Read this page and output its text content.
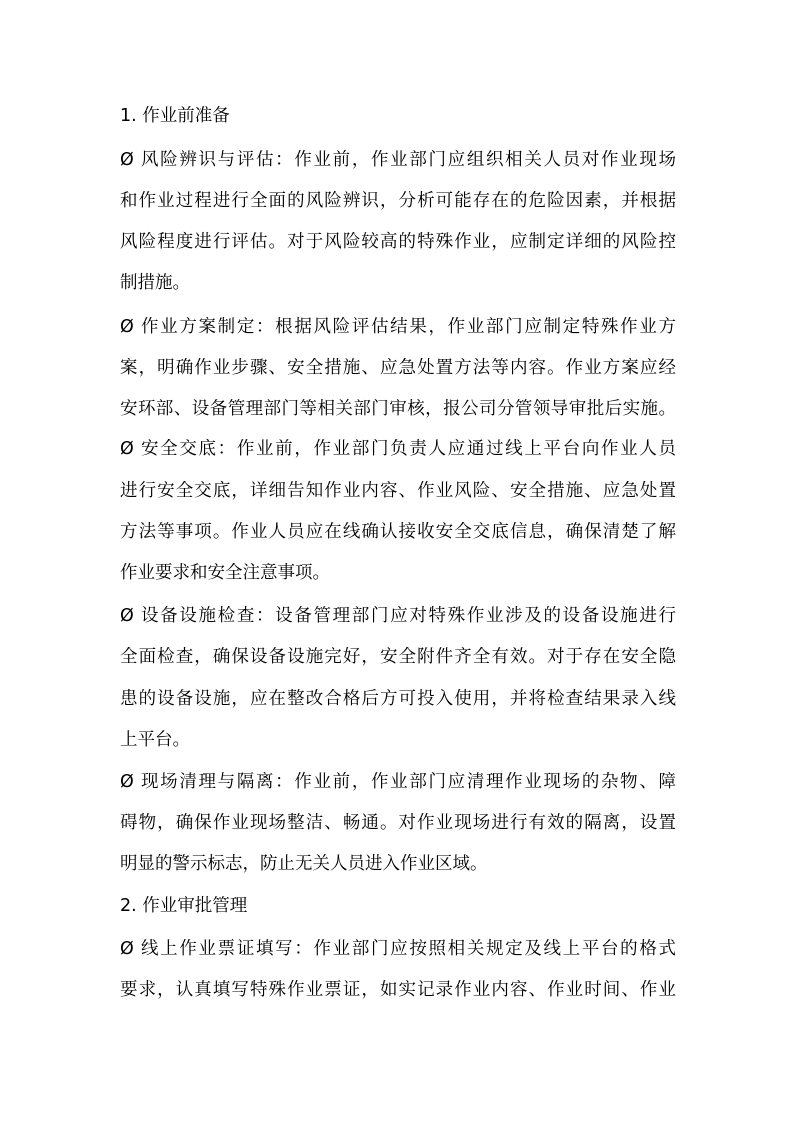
1. 作业前准备
Ø 风险辨识与评估：作业前，作业部门应组织相关人员对作业现场
和作业过程进行全面的风险辨识，分析可能存在的危险因素，并根据
风险程度进行评估。对于风险较高的特殊作业，应制定详细的风险控
制措施。
Ø 作业方案制定：根据风险评估结果，作业部门应制定特殊作业方
案，明确作业步骤、安全措施、应急处置方法等内容。作业方案应经
安环部、设备管理部门等相关部门审核，报公司分管领导审批后实施。
Ø 安全交底：作业前，作业部门负责人应通过线上平台向作业人员
进行安全交底，详细告知作业内容、作业风险、安全措施、应急处置
方法等事项。作业人员应在线确认接收安全交底信息，确保清楚了解
作业要求和安全注意事项。
Ø 设备设施检查：设备管理部门应对特殊作业涉及的设备设施进行
全面检查，确保设备设施完好，安全附件齐全有效。对于存在安全隐
患的设备设施，应在整改合格后方可投入使用，并将检查结果录入线
上平台。
Ø 现场清理与隔离：作业前，作业部门应清理作业现场的杂物、障
碍物，确保作业现场整洁、畅通。对作业现场进行有效的隔离，设置
明显的警示标志，防止无关人员进入作业区域。
2. 作业审批管理
Ø 线上作业票证填写：作业部门应按照相关规定及线上平台的格式
要求，认真填写特殊作业票证，如实记录作业内容、作业时间、作业
